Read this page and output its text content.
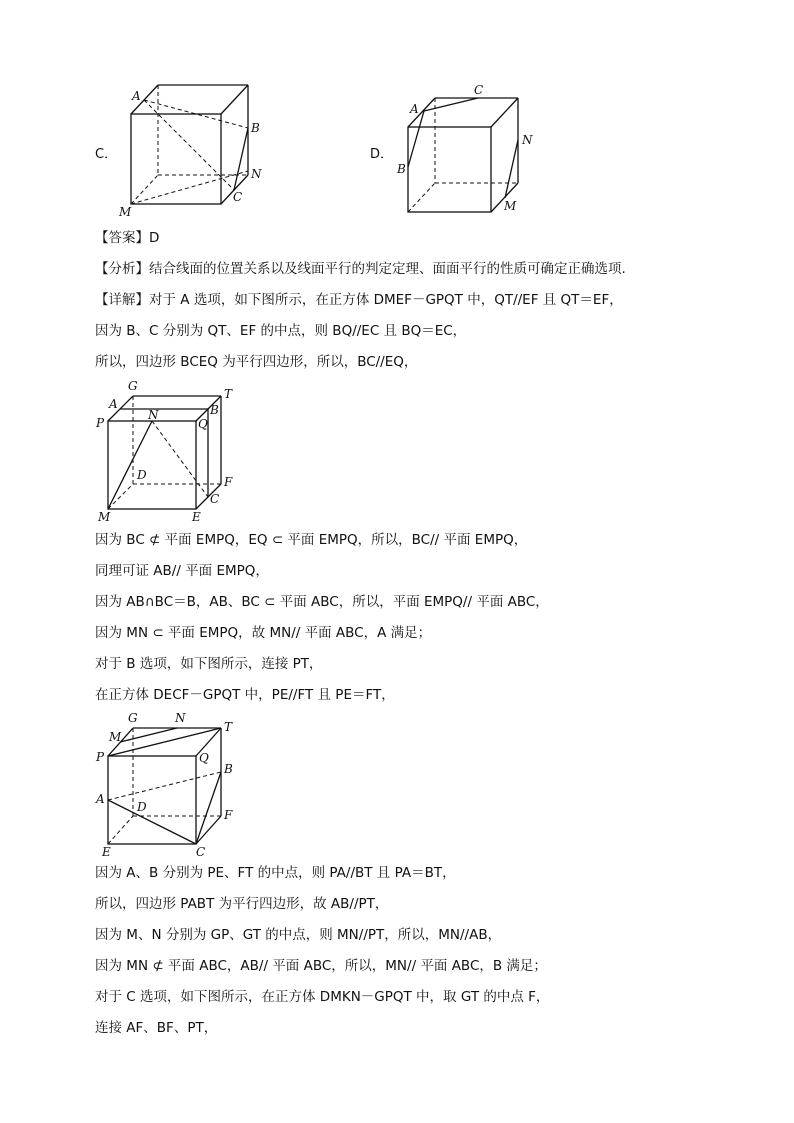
C．
A
B
N
C
M
D．
A
C
B
N
M
【答案】D
【分析】结合线面的位置关系以及线面平行的判定定理、面面平行的性质可确定正确选项.
【详解】对于 A 选项，如下图所示，在正方体 DMEF－GPQT 中，QT//EF 且 QT＝EF，
因为 B、C 分别为 QT、EF 的中点，则 BQ//EC 且 BQ＝EC，
所以，四边形 BCEQ 为平行四边形，所以，BC//EQ，
G
T
A	B
P
N
Q
D	F
C
M	E
因为 BC ⊄ 平面 EMPQ，EQ ⊂ 平面 EMPQ，所以，BC// 平面 EMPQ，
同理可证 AB// 平面 EMPQ，
因为 AB∩BC＝B，AB、BC ⊂ 平面 ABC，所以，平面 EMPQ// 平面 ABC，
因为 MN ⊂ 平面 EMPQ，故 MN// 平面 ABC，A 满足；
对于 B 选项，如下图所示，连接 PT，
在正方体 DECF－GPQT 中，PE//FT 且 PE＝FT，
G	N
T
M
P	Q
B
A
D
F
E	C
因为 A、B 分别为 PE、FT 的中点，则 PA//BT 且 PA＝BT，
所以，四边形 PABT 为平行四边形，故 AB//PT，
因为 M、N 分别为 GP、GT 的中点，则 MN//PT，所以，MN//AB，
因为 MN ⊄ 平面 ABC，AB// 平面 ABC，所以，MN// 平面 ABC，B 满足；
对于 C 选项，如下图所示，在正方体 DMKN－GPQT 中，取 GT 的中点 F，
连接 AF、BF、PT，
